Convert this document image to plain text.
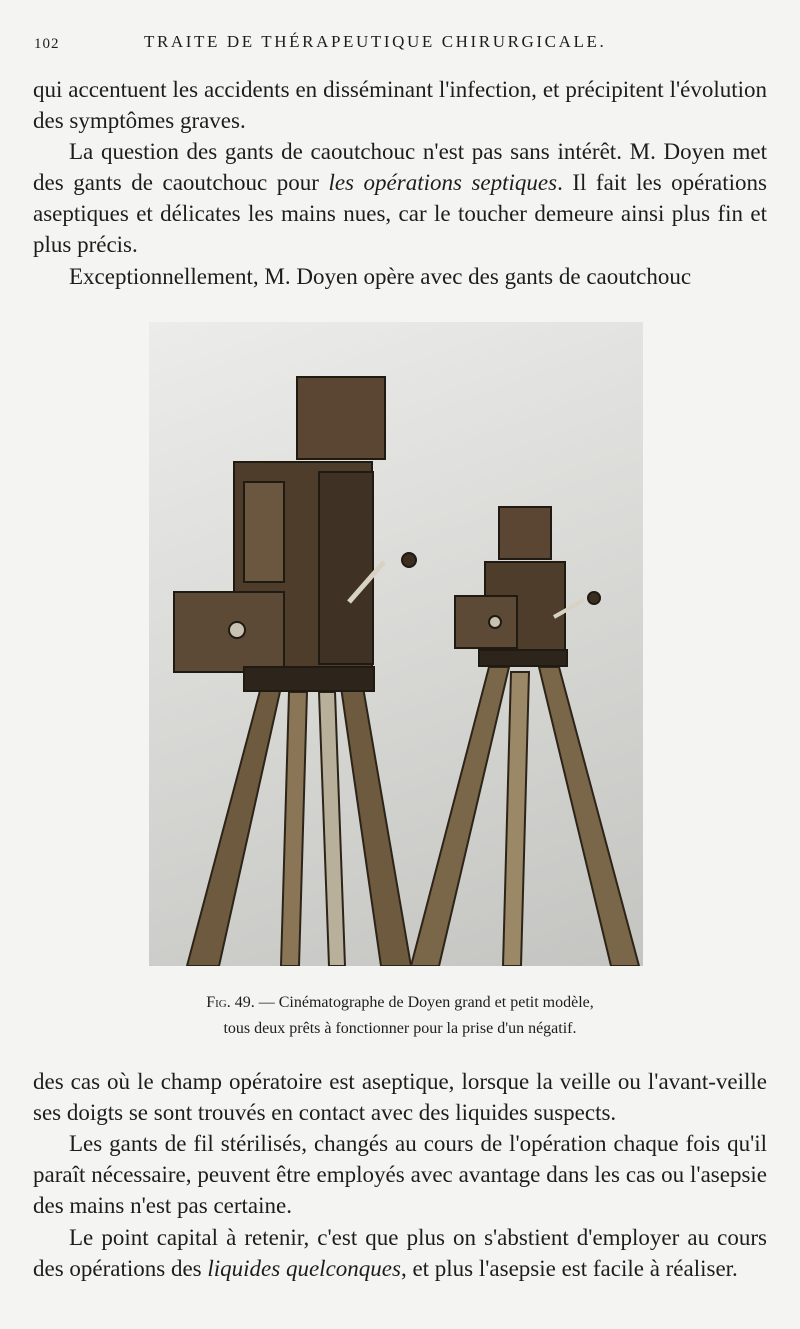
102	TRAITE DE THÉRAPEUTIQUE CHIRURGICALE.

qui accentuent les accidents en disséminant l'infection, et précipitent l'évolution des symptômes graves.

La question des gants de caoutchouc n'est pas sans intérêt. M. Doyen met des gants de caoutchouc pour les opérations septiques. Il fait les opérations aseptiques et délicates les mains nues, car le toucher demeure ainsi plus fin et plus précis.

Exceptionnellement, M. Doyen opère avec des gants de caoutchouc

Fig. 49. — Cinématographe de Doyen grand et petit modèle,
tous deux prêts à fonctionner pour la prise d'un négatif.

des cas où le champ opératoire est aseptique, lorsque la veille ou l'avant-veille ses doigts se sont trouvés en contact avec des liquides suspects.

Les gants de fil stérilisés, changés au cours de l'opération chaque fois qu'il paraît nécessaire, peuvent être employés avec avantage dans les cas ou l'asepsie des mains n'est pas certaine.

Le point capital à retenir, c'est que plus on s'abstient d'employer au cours des opérations des liquides quelconques, et plus l'asepsie est facile à réaliser.
